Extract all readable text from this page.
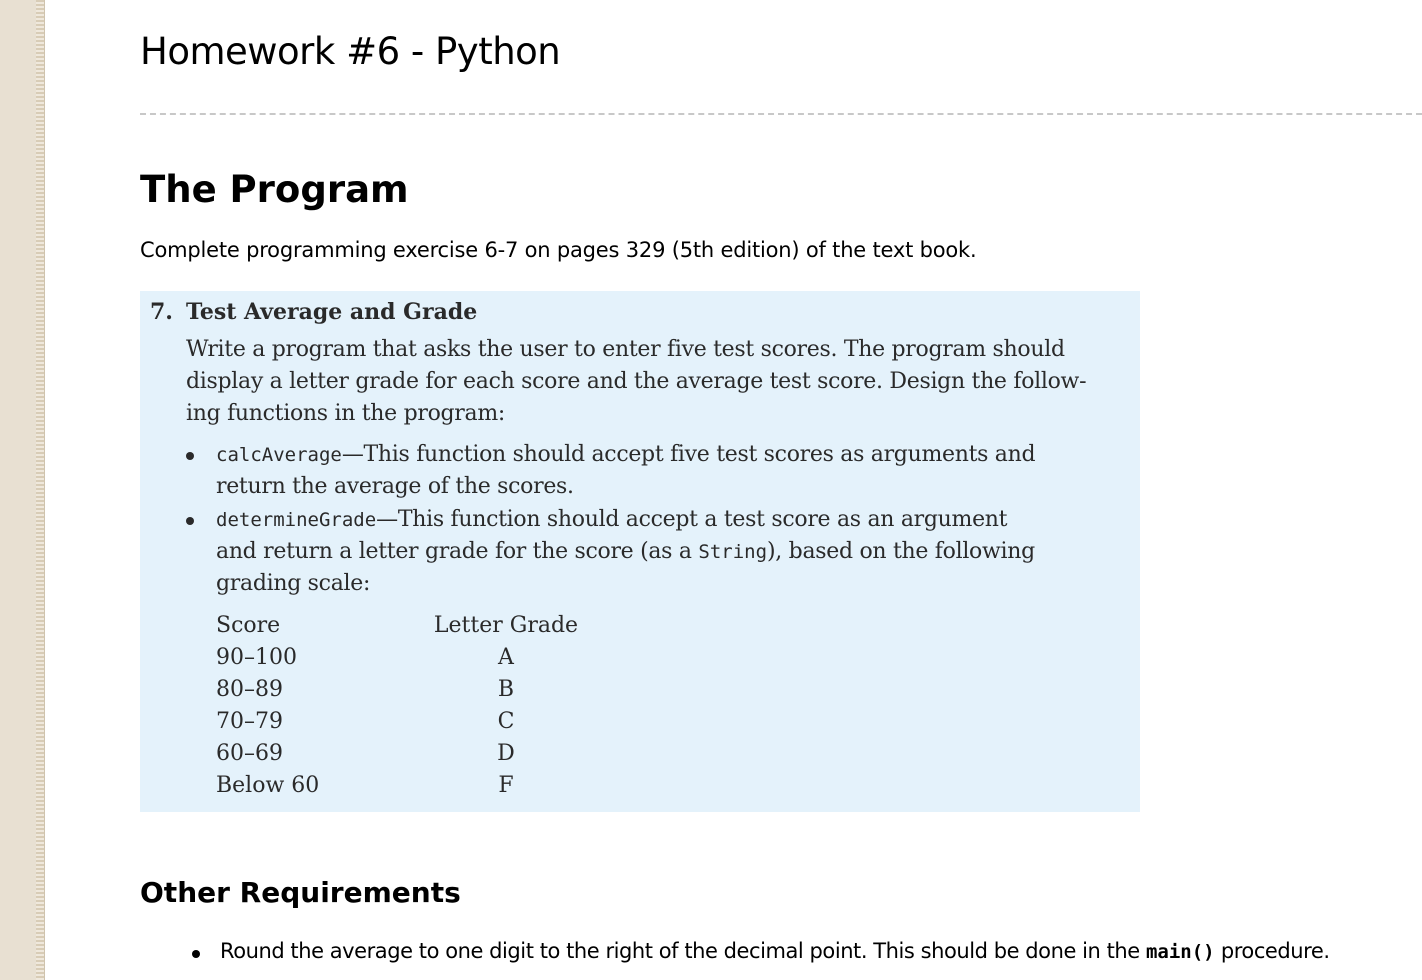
Homework #6 - Python
The Program

Complete programming exercise 6-7 on pages 329 (5th edition) of the text book.

7. Test Average and Grade
Write a program that asks the user to enter five test scores. The program should
display a letter grade for each score and the average test score. Design the follow-
ing functions in the program:
calcAverage—This function should accept five test scores as arguments and
return the average of the scores.
determineGrade—This function should accept a test score as an argument
and return a letter grade for the score (as a String), based on the following
grading scale:
Score	Letter Grade
90–100	A
80–89	B
70–79	C
60–69	D
Below 60	F
Other Requirements
Round the average to one digit to the right of the decimal point. This should be done in the main() procedure.
